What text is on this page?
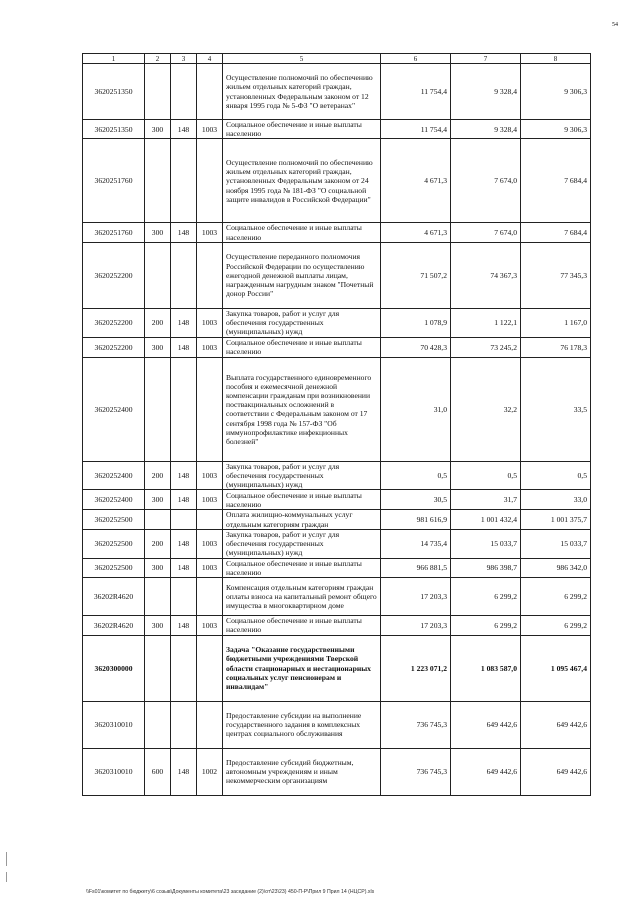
54
1	2	3	4	5	6	7	8
3620251350				Осуществление полномочий по обеспечению жильем отдельных категорий граждан, установленных Федеральным законом от 12 января 1995 года № 5-ФЗ "О ветеранах"	11 754,4	9 328,4	9 306,3
3620251350	300	148	1003	Социальное обеспечение и иные выплаты населению	11 754,4	9 328,4	9 306,3
3620251760				Осуществление полномочий по обеспечению жильем отдельных категорий граждан, установленных Федеральным законом от 24 ноября 1995 года № 181-ФЗ "О социальной защите инвалидов в Российской Федерации"	4 671,3	7 674,0	7 684,4
3620251760	300	148	1003	Социальное обеспечение и иные выплаты населению	4 671,3	7 674,0	7 684,4
3620252200				Осуществление переданного полномочия Российской Федерации по осуществлению ежегодной денежной выплаты лицам, награжденным нагрудным знаком "Почетный донор России"	71 507,2	74 367,3	77 345,3
3620252200	200	148	1003	Закупка товаров, работ и услуг для обеспечения государственных (муниципальных) нужд	1 078,9	1 122,1	1 167,0
3620252200	300	148	1003	Социальное обеспечение и иные выплаты населению	70 428,3	73 245,2	76 178,3
3620252400				Выплата государственного единовременного пособия и ежемесячной денежной компенсации гражданам при возникновении поствакцинальных осложнений в соответствии с Федеральным законом от 17 сентября 1998 года № 157-ФЗ "Об иммунопрофилактике инфекционных болезней"	31,0	32,2	33,5
3620252400	200	148	1003	Закупка товаров, работ и услуг для обеспечения государственных (муниципальных) нужд	0,5	0,5	0,5
3620252400	300	148	1003	Социальное обеспечение и иные выплаты населению	30,5	31,7	33,0
3620252500				Оплата жилищно-коммунальных услуг отдельным категориям граждан	981 616,9	1 001 432,4	1 001 375,7
3620252500	200	148	1003	Закупка товаров, работ и услуг для обеспечения государственных (муниципальных) нужд	14 735,4	15 033,7	15 033,7
3620252500	300	148	1003	Социальное обеспечение и иные выплаты населению	966 881,5	986 398,7	986 342,0
36202R4620				Компенсация отдельным категориям граждан оплаты взноса на капитальный ремонт общего имущества в многоквартирном доме	17 203,3	6 299,2	6 299,2
36202R4620	300	148	1003	Социальное обеспечение и иные выплаты населению	17 203,3	6 299,2	6 299,2
3620300000				Задача "Оказание государственными бюджетными учреждениями Тверской области стационарных и нестационарных социальных услуг пенсионерам и инвалидам"	1 223 071,2	1 083 587,0	1 095 467,4
3620310010				Предоставление субсидии на выполнение государственного задания в комплексных центрах социального обслуживания	736 745,3	649 442,6	649 442,6
3620310010	600	148	1002	Предоставление субсидий бюджетным, автономным учреждениям и иным некоммерческим организациям	736 745,3	649 442,6	649 442,6
\\Fs01\комитет по бюджету\6 созыв\Документы комитета\23 заседание (2)\от\23\23) 450-П-Р\Прил 9 Прил 14 (НЦСР).xls
